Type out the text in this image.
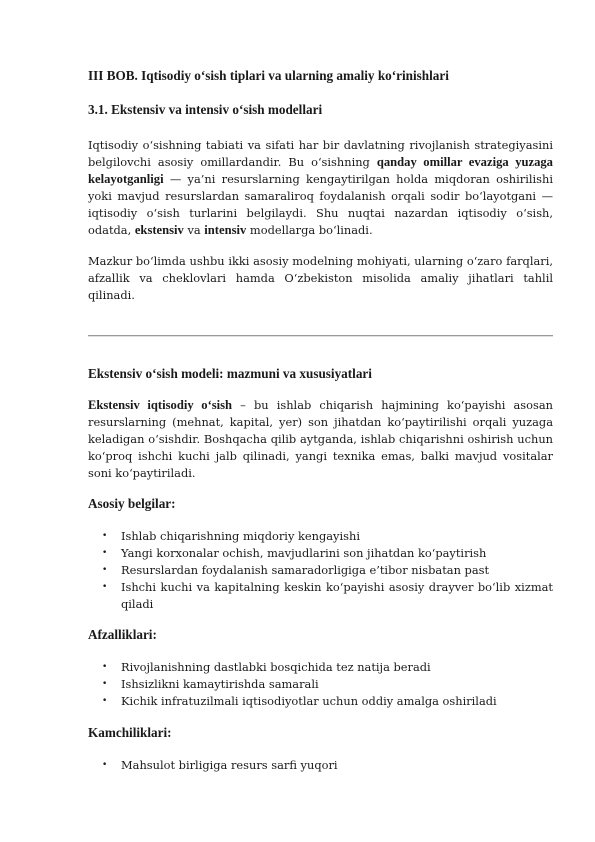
III BOB. Iqtisodiy o‘sish tiplari va ularning amaliy ko‘rinishlari
3.1. Ekstensiv va intensiv o‘sish modellari

Iqtisodiy o‘sishning tabiati va sifati har bir davlatning rivojlanish strategiyasini belgilovchi asosiy omillardandir. Bu o‘sishning qanday omillar evaziga yuzaga kelayotganligi — ya’ni resurslarning kengaytirilgan holda miqdoran oshirilishi yoki mavjud resurslardan samaraliroq foydalanish orqali sodir bo‘layotgani — iqtisodiy o‘sish turlarini belgilaydi. Shu nuqtai nazardan iqtisodiy o‘sish, odatda, ekstensiv va intensiv modellarga bo‘linadi.

Mazkur bo‘limda ushbu ikki asosiy modelning mohiyati, ularning o‘zaro farqlari, afzallik va cheklovlari hamda O‘zbekiston misolida amaliy jihatlari tahlil qilinadi.

Ekstensiv o‘sish modeli: mazmuni va xususiyatlari

Ekstensiv iqtisodiy o‘sish – bu ishlab chiqarish hajmining ko‘payishi asosan resurslarning (mehnat, kapital, yer) son jihatdan ko‘paytirilishi orqali yuzaga keladigan o‘sishdir. Boshqacha qilib aytganda, ishlab chiqarishni oshirish uchun ko‘proq ishchi kuchi jalb qilinadi, yangi texnika emas, balki mavjud vositalar soni ko‘paytiriladi.

Asosiy belgilar:
• Ishlab chiqarishning miqdoriy kengayishi
• Yangi korxonalar ochish, mavjudlarini son jihatdan ko‘paytirish
• Resurslardan foydalanish samaradorligiga e’tibor nisbatan past
• Ishchi kuchi va kapitalning keskin ko‘payishi asosiy drayver bo‘lib xizmat qiladi
Afzalliklari:
• Rivojlanishning dastlabki bosqichida tez natija beradi
• Ishsizlikni kamaytirishda samarali
• Kichik infratuzilmali iqtisodiyotlar uchun oddiy amalga oshiriladi
Kamchiliklari:
• Mahsulot birligiga resurs sarfi yuqori
